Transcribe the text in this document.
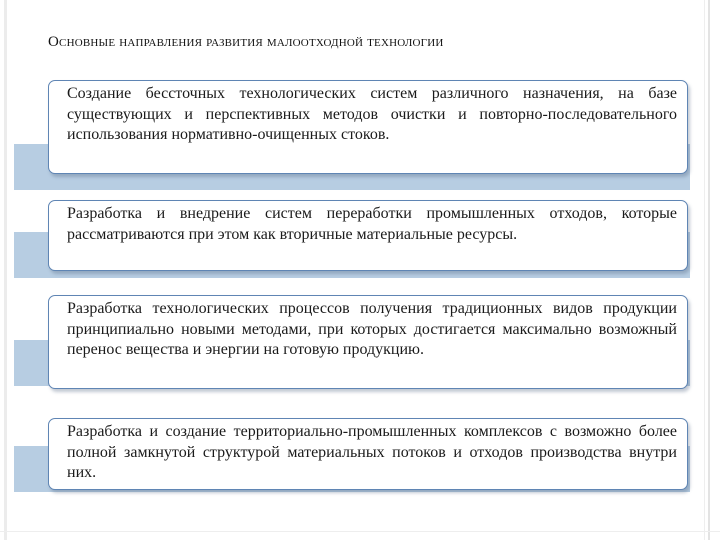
Основные направления развития малоотходной технологии

Создание бессточных технологических систем различного назначения, на базе существующих и перспективных методов очистки и повторно-последовательного использования нормативно-очищенных стоков.

Разработка и внедрение систем переработки промышленных отходов, которые рассматриваются при этом как вторичные материальные ресурсы.

Разработка технологических процессов получения традиционных видов продукции принципиально новыми методами, при которых достигается максимально возможный перенос вещества и энергии на готовую продукцию.

Разработка и создание территориально-промышленных комплексов с возможно более полной замкнутой структурой материальных потоков и отходов производства внутри них.
